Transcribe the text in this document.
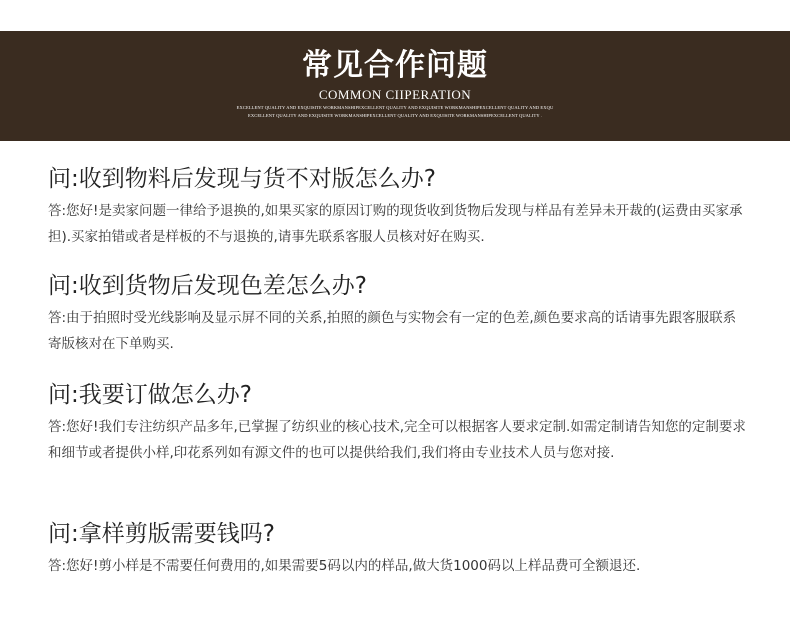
常见合作问题
COMMON CIIPERATION
EXCELLENT QUALITY AND EXQUISITE WORKMANSHIPEXCELLENT QUALITY AND EXQUISITE WORKMANSHIPEXCELLENT QUALITY AND EXQU
EXCELLENT QUALITY AND EXQUISITE WORKMANSHIPEXCELLENT QUALITY AND EXQUISITE WORKMANSHIPEXCELLENT QUALITY .
问:收到物料后发现与货不对版怎么办?
答:您好!是卖家问题一律给予退换的,如果买家的原因订购的现货收到货物后发现与样品有差异未开裁的(运费由买家承担).买家拍错或者是样板的不与退换的,请事先联系客服人员核对好在购买.
问:收到货物后发现色差怎么办?
答:由于拍照时受光线影响及显示屏不同的关系,拍照的颜色与实物会有一定的色差,颜色要求高的话请事先跟客服联系寄版核对在下单购买.
问:我要订做怎么办?
答:您好!我们专注纺织产品多年,已掌握了纺织业的核心技术,完全可以根据客人要求定制.如需定制请告知您的定制要求和细节或者提供小样,印花系列如有源文件的也可以提供给我们,我们将由专业技术人员与您对接.
问:拿样剪版需要钱吗?
答:您好!剪小样是不需要任何费用的,如果需要5码以内的样品,做大货1000码以上样品费可全额退还.
